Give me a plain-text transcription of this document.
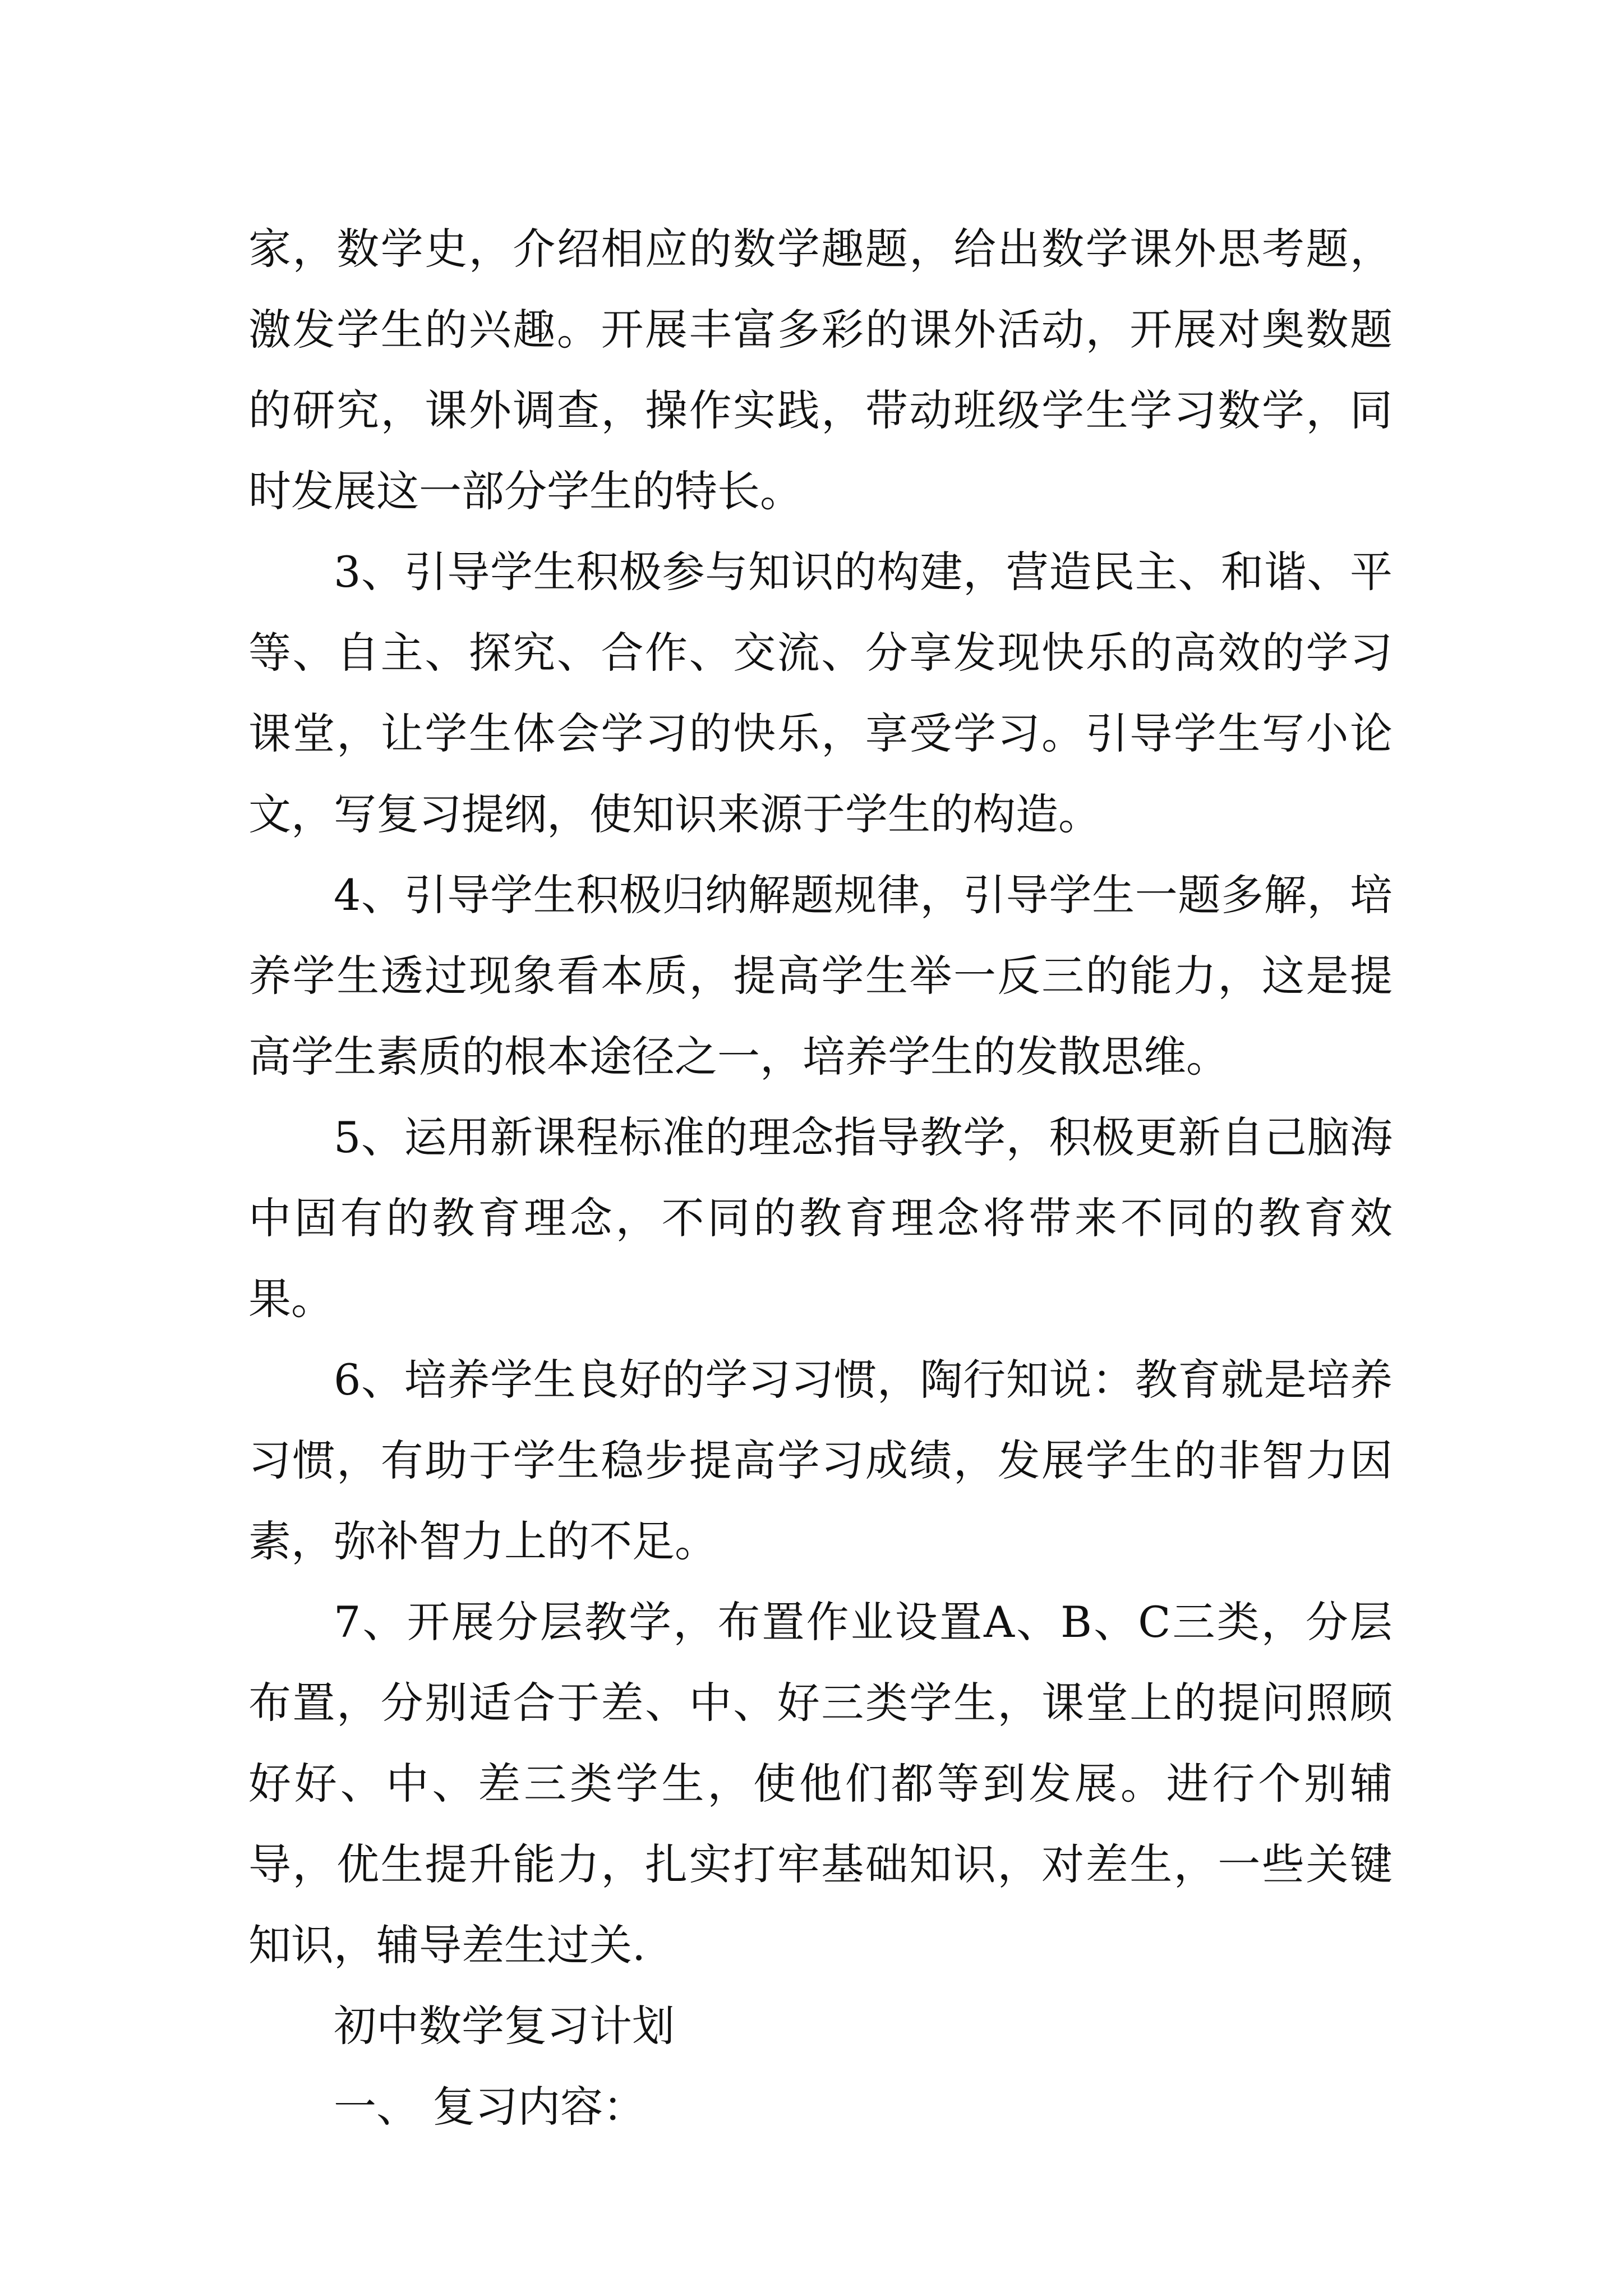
家，数学史，介绍相应的数学趣题，给出数学课外思考题，激发学生的兴趣。开展丰富多彩的课外活动，开展对奥数题的研究，课外调查，操作实践，带动班级学生学习数学，同时发展这一部分学生的特长。

3、引导学生积极参与知识的构建，营造民主、和谐、平等、自主、探究、合作、交流、分享发现快乐的高效的学习课堂，让学生体会学习的快乐，享受学习。引导学生写小论文，写复习提纲，使知识来源于学生的构造。

4、引导学生积极归纳解题规律，引导学生一题多解，培养学生透过现象看本质，提高学生举一反三的能力，这是提高学生素质的根本途径之一，培养学生的发散思维。

5、运用新课程标准的理念指导教学，积极更新自己脑海中固有的教育理念，不同的教育理念将带来不同的教育效果。

6、培养学生良好的学习习惯，陶行知说：教育就是培养习惯，有助于学生稳步提高学习成绩，发展学生的非智力因素，弥补智力上的不足。

7、开展分层教学，布置作业设置A、B、C三类，分层布置，分别适合于差、中、好三类学生，课堂上的提问照顾好好、中、差三类学生，使他们都等到发展。进行个别辅导，优生提升能力，扎实打牢基础知识，对差生，一些关键知识，辅导差生过关.

初中数学复习计划

一、 复习内容：
